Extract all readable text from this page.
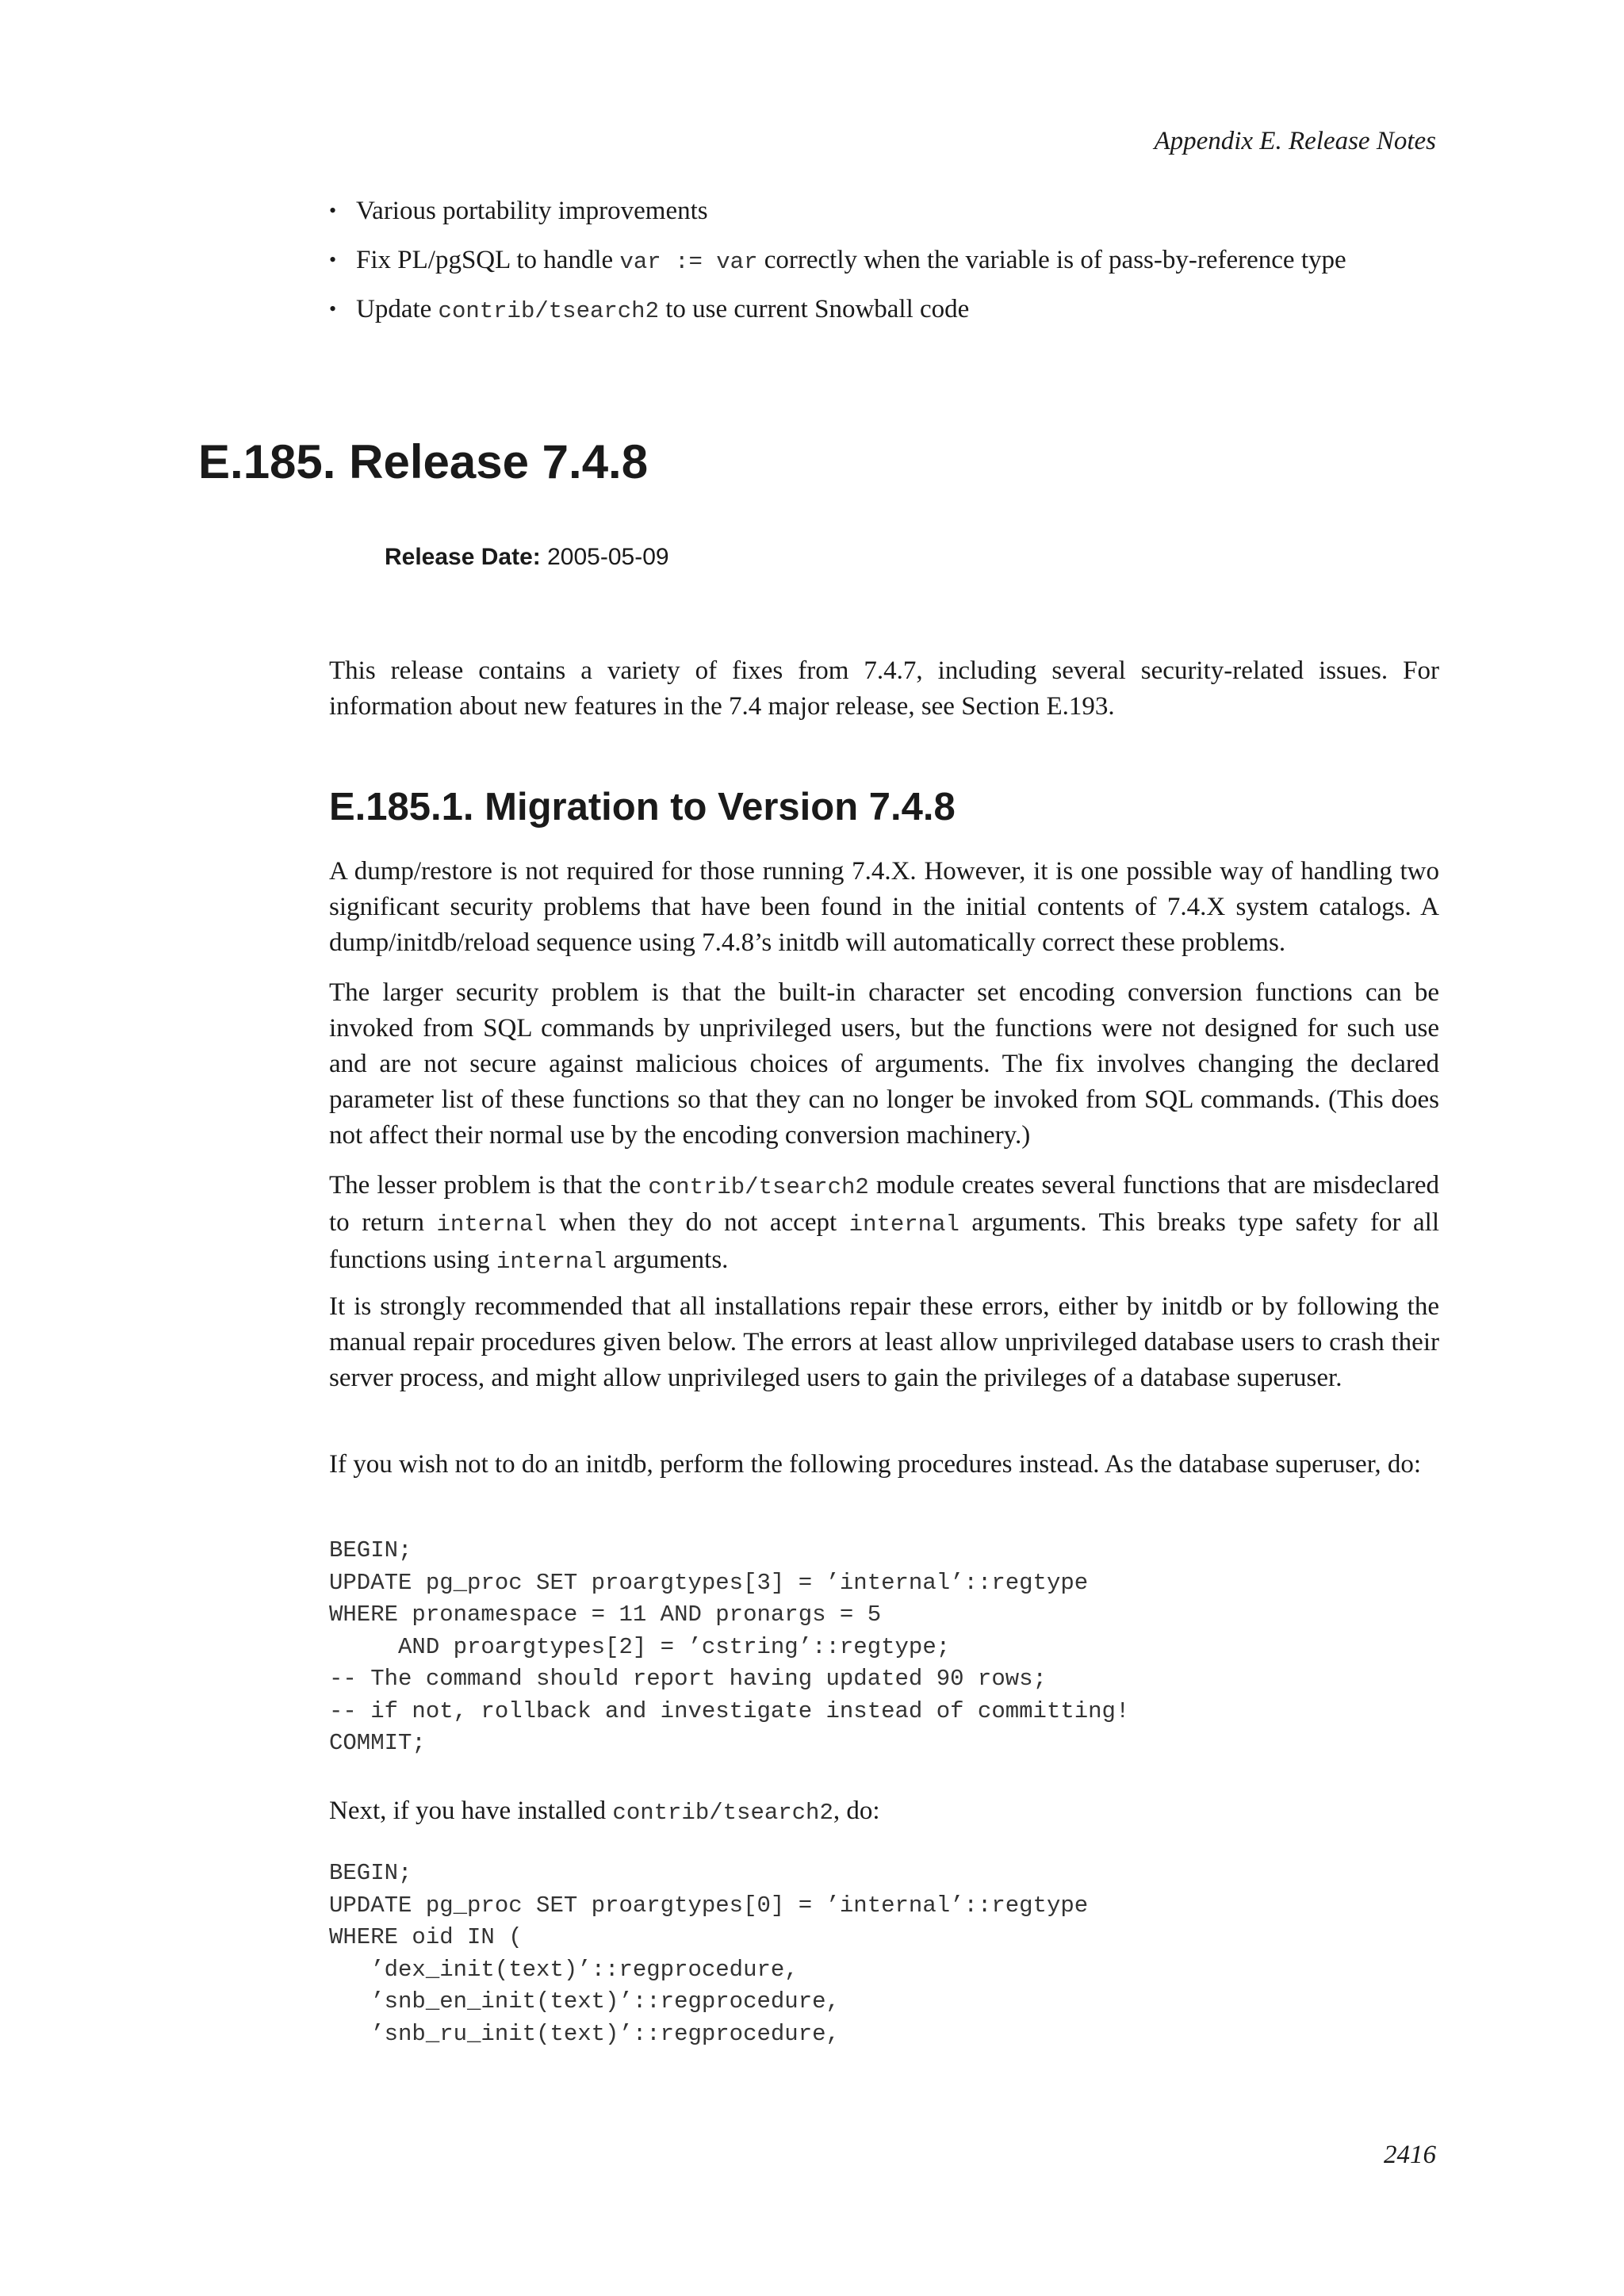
Appendix E. Release Notes
• Various portability improvements
• Fix PL/pgSQL to handle var := var correctly when the variable is of pass-by-reference type
• Update contrib/tsearch2 to use current Snowball code
E.185. Release 7.4.8
Release Date: 2005-05-09

This release contains a variety of fixes from 7.4.7, including several security-related issues. For information about new features in the 7.4 major release, see Section E.193.

E.185.1. Migration to Version 7.4.8

A dump/restore is not required for those running 7.4.X. However, it is one possible way of handling two significant security problems that have been found in the initial contents of 7.4.X system catalogs. A dump/initdb/reload sequence using 7.4.8’s initdb will automatically correct these problems.

The larger security problem is that the built-in character set encoding conversion functions can be invoked from SQL commands by unprivileged users, but the functions were not designed for such use and are not secure against malicious choices of arguments. The fix involves changing the declared parameter list of these functions so that they can no longer be invoked from SQL commands. (This does not affect their normal use by the encoding conversion machinery.)

The lesser problem is that the contrib/tsearch2 module creates several functions that are misdeclared to return internal when they do not accept internal arguments. This breaks type safety for all functions using internal arguments.

It is strongly recommended that all installations repair these errors, either by initdb or by following the manual repair procedures given below. The errors at least allow unprivileged database users to crash their server process, and might allow unprivileged users to gain the privileges of a database superuser.

If you wish not to do an initdb, perform the following procedures instead. As the database superuser, do:

BEGIN;
UPDATE pg_proc SET proargtypes[3] = ’internal’::regtype
WHERE pronamespace = 11 AND pronargs = 5
AND proargtypes[2] = ’cstring’::regtype;
-- The command should report having updated 90 rows;
-- if not, rollback and investigate instead of committing!
COMMIT;

Next, if you have installed contrib/tsearch2, do:

BEGIN;
UPDATE pg_proc SET proargtypes[0] = ’internal’::regtype
WHERE oid IN (
’dex_init(text)’::regprocedure,
’snb_en_init(text)’::regprocedure,
’snb_ru_init(text)’::regprocedure,
2416
